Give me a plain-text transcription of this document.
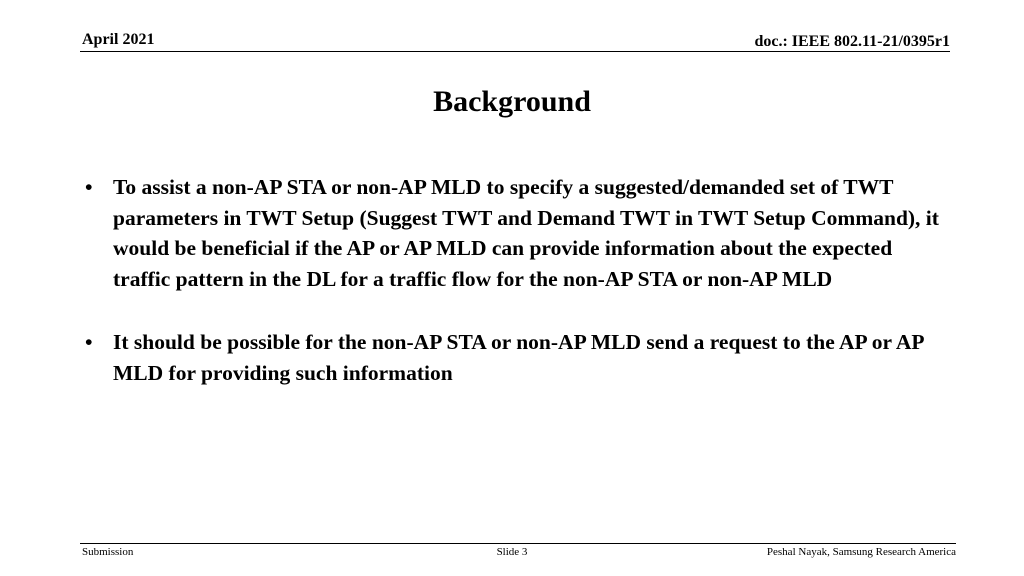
April 2021	doc.: IEEE 802.11-21/0395r1
Background
• To assist a non-AP STA or non-AP MLD to specify a suggested/demanded set of TWT parameters in TWT Setup (Suggest TWT and Demand TWT in TWT Setup Command), it would be beneficial if the AP or AP MLD can provide information about the expected traffic pattern in the DL for a traffic flow for the non-AP STA or non-AP MLD
• It should be possible for the non-AP STA or non-AP MLD send a request to the AP or AP MLD for providing such information
Submission	Slide 3	Peshal Nayak, Samsung Research America
